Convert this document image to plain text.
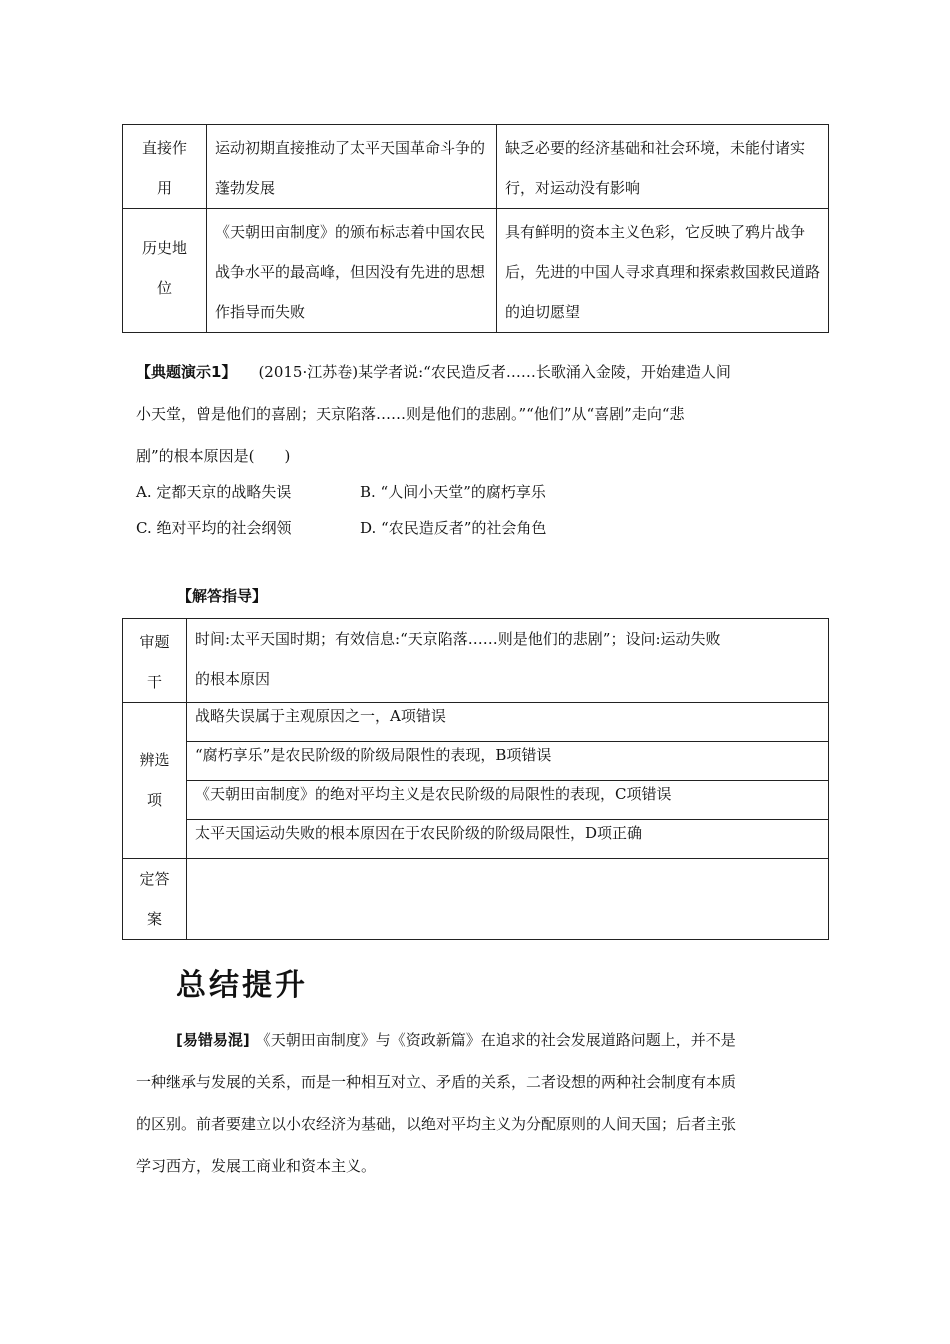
直接作用	运动初期直接推动了太平天国革命斗争的蓬勃发展	缺乏必要的经济基础和社会环境，未能付诸实行，对运动没有影响

历史地位	《天朝田亩制度》的颁布标志着中国农民战争水平的最高峰，但因没有先进的思想作指导而失败	具有鲜明的资本主义色彩，它反映了鸦片战争后，先进的中国人寻求真理和探索救国救民道路的迫切愿望
【典题演示1】 (2015·江苏卷)某学者说:“农民造反者……长歌涌入金陵，开始建造人间
小天堂，曾是他们的喜剧；天京陷落……则是他们的悲剧。”“他们”从“喜剧”走向“悲
剧”的根本原因是(　　)
A. 定都天京的战略失误	B. “人间小天堂”的腐朽享乐
C. 绝对平均的社会纲领	D. “农民造反者”的社会角色
【解答指导】
审题干	时间:太平天国时期；有效信息:“天京陷落……则是他们的悲剧”；设问:运动失败
的根本原因

辨选项	战略失误属于主观原因之一，A项错误

	“腐朽享乐”是农民阶级的阶级局限性的表现，B项错误

	《天朝田亩制度》的绝对平均主义是农民阶级的局限性的表现，C项错误

	太平天国运动失败的根本原因在于农民阶级的阶级局限性，D项正确

定答案	

总结提升
[易错易混] 《天朝田亩制度》与《资政新篇》在追求的社会发展道路问题上，并不是
一种继承与发展的关系，而是一种相互对立、矛盾的关系，二者设想的两种社会制度有本质
的区别。前者要建立以小农经济为基础，以绝对平均主义为分配原则的人间天国；后者主张
学习西方，发展工商业和资本主义。
